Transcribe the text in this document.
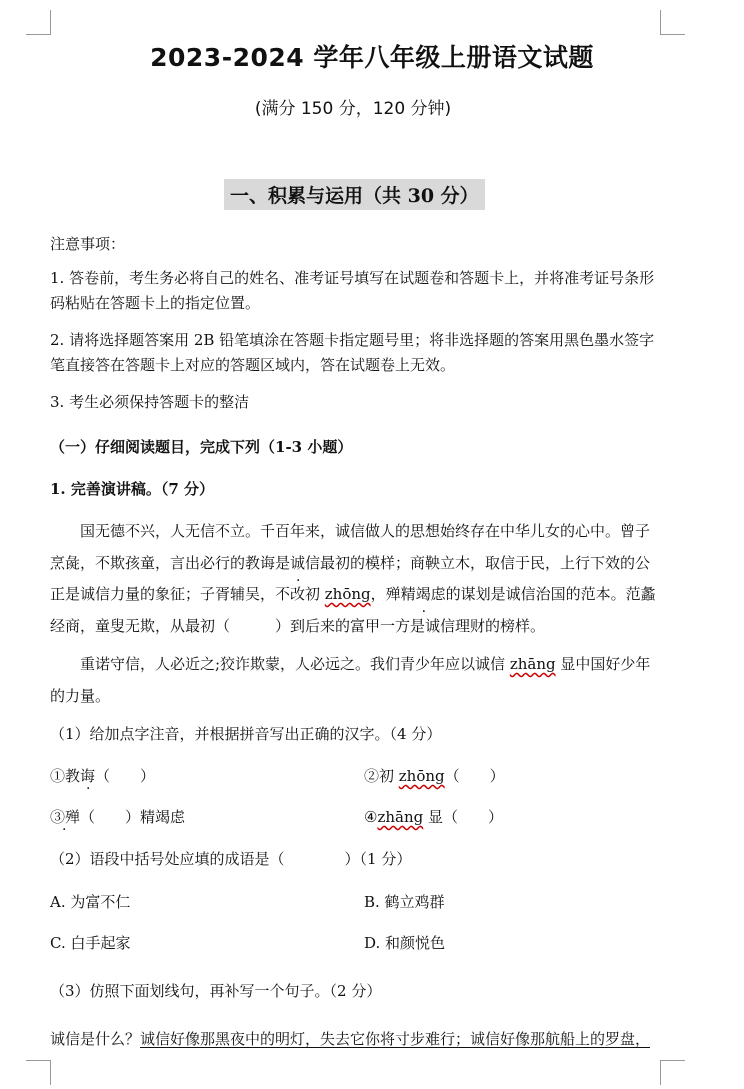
2023-2024 学年八年级上册语文试题
(满分 150 分，120 分钟)
一、积累与运用（共 30 分）
注意事项：
1. 答卷前，考生务必将自己的姓名、准考证号填写在试题卷和答题卡上，并将准考证号条形码粘贴在答题卡上的指定位置。
2. 请将选择题答案用 2B 铅笔填涂在答题卡指定题号里；将非选择题的答案用黑色墨水签字笔直接答在答题卡上对应的答题区域内，答在试题卷上无效。
3. 考生必须保持答题卡的整洁
（一）仔细阅读题目，完成下列（1-3 小题）
1. 完善演讲稿。（7 分）
国无德不兴，人无信不立。千百年来，诚信做人的思想始终存在中华儿女的心中。曾子烹彘，不欺孩童，言出必行的教诲 ·是诚信最初的模样；商鞅立木，取信于民，上行下效的公正是诚信力量的象征；子胥辅吴，不改初 zhōng，殚 ·精竭虑的谋划是诚信治国的范本。范蠡经商，童叟无欺，从最初（　　　）到后来的富甲一方是诚信理财的榜样。
重诺守信，人必近之;狡诈欺蒙，人必远之。我们青少年应以诚信 zhāng 显中国好少年的力量。
（1）给加点字注音，并根据拼音写出正确的汉字。（4 分）
①教诲（　　）	②初 zhōng（　　）
③殚 ·（　　）精竭虑	④zhāng 显（　　）
（2）语段中括号处应填的成语是（　　　　）（1 分）
A. 为富不仁	B. 鹤立鸡群
C. 白手起家	D. 和颜悦色
（3）仿照下面划线句，再补写一个句子。（2 分）
诚信是什么？诚信好像那黑夜中的明灯，失去它你将寸步难行；诚信好像那航船上的罗盘，
